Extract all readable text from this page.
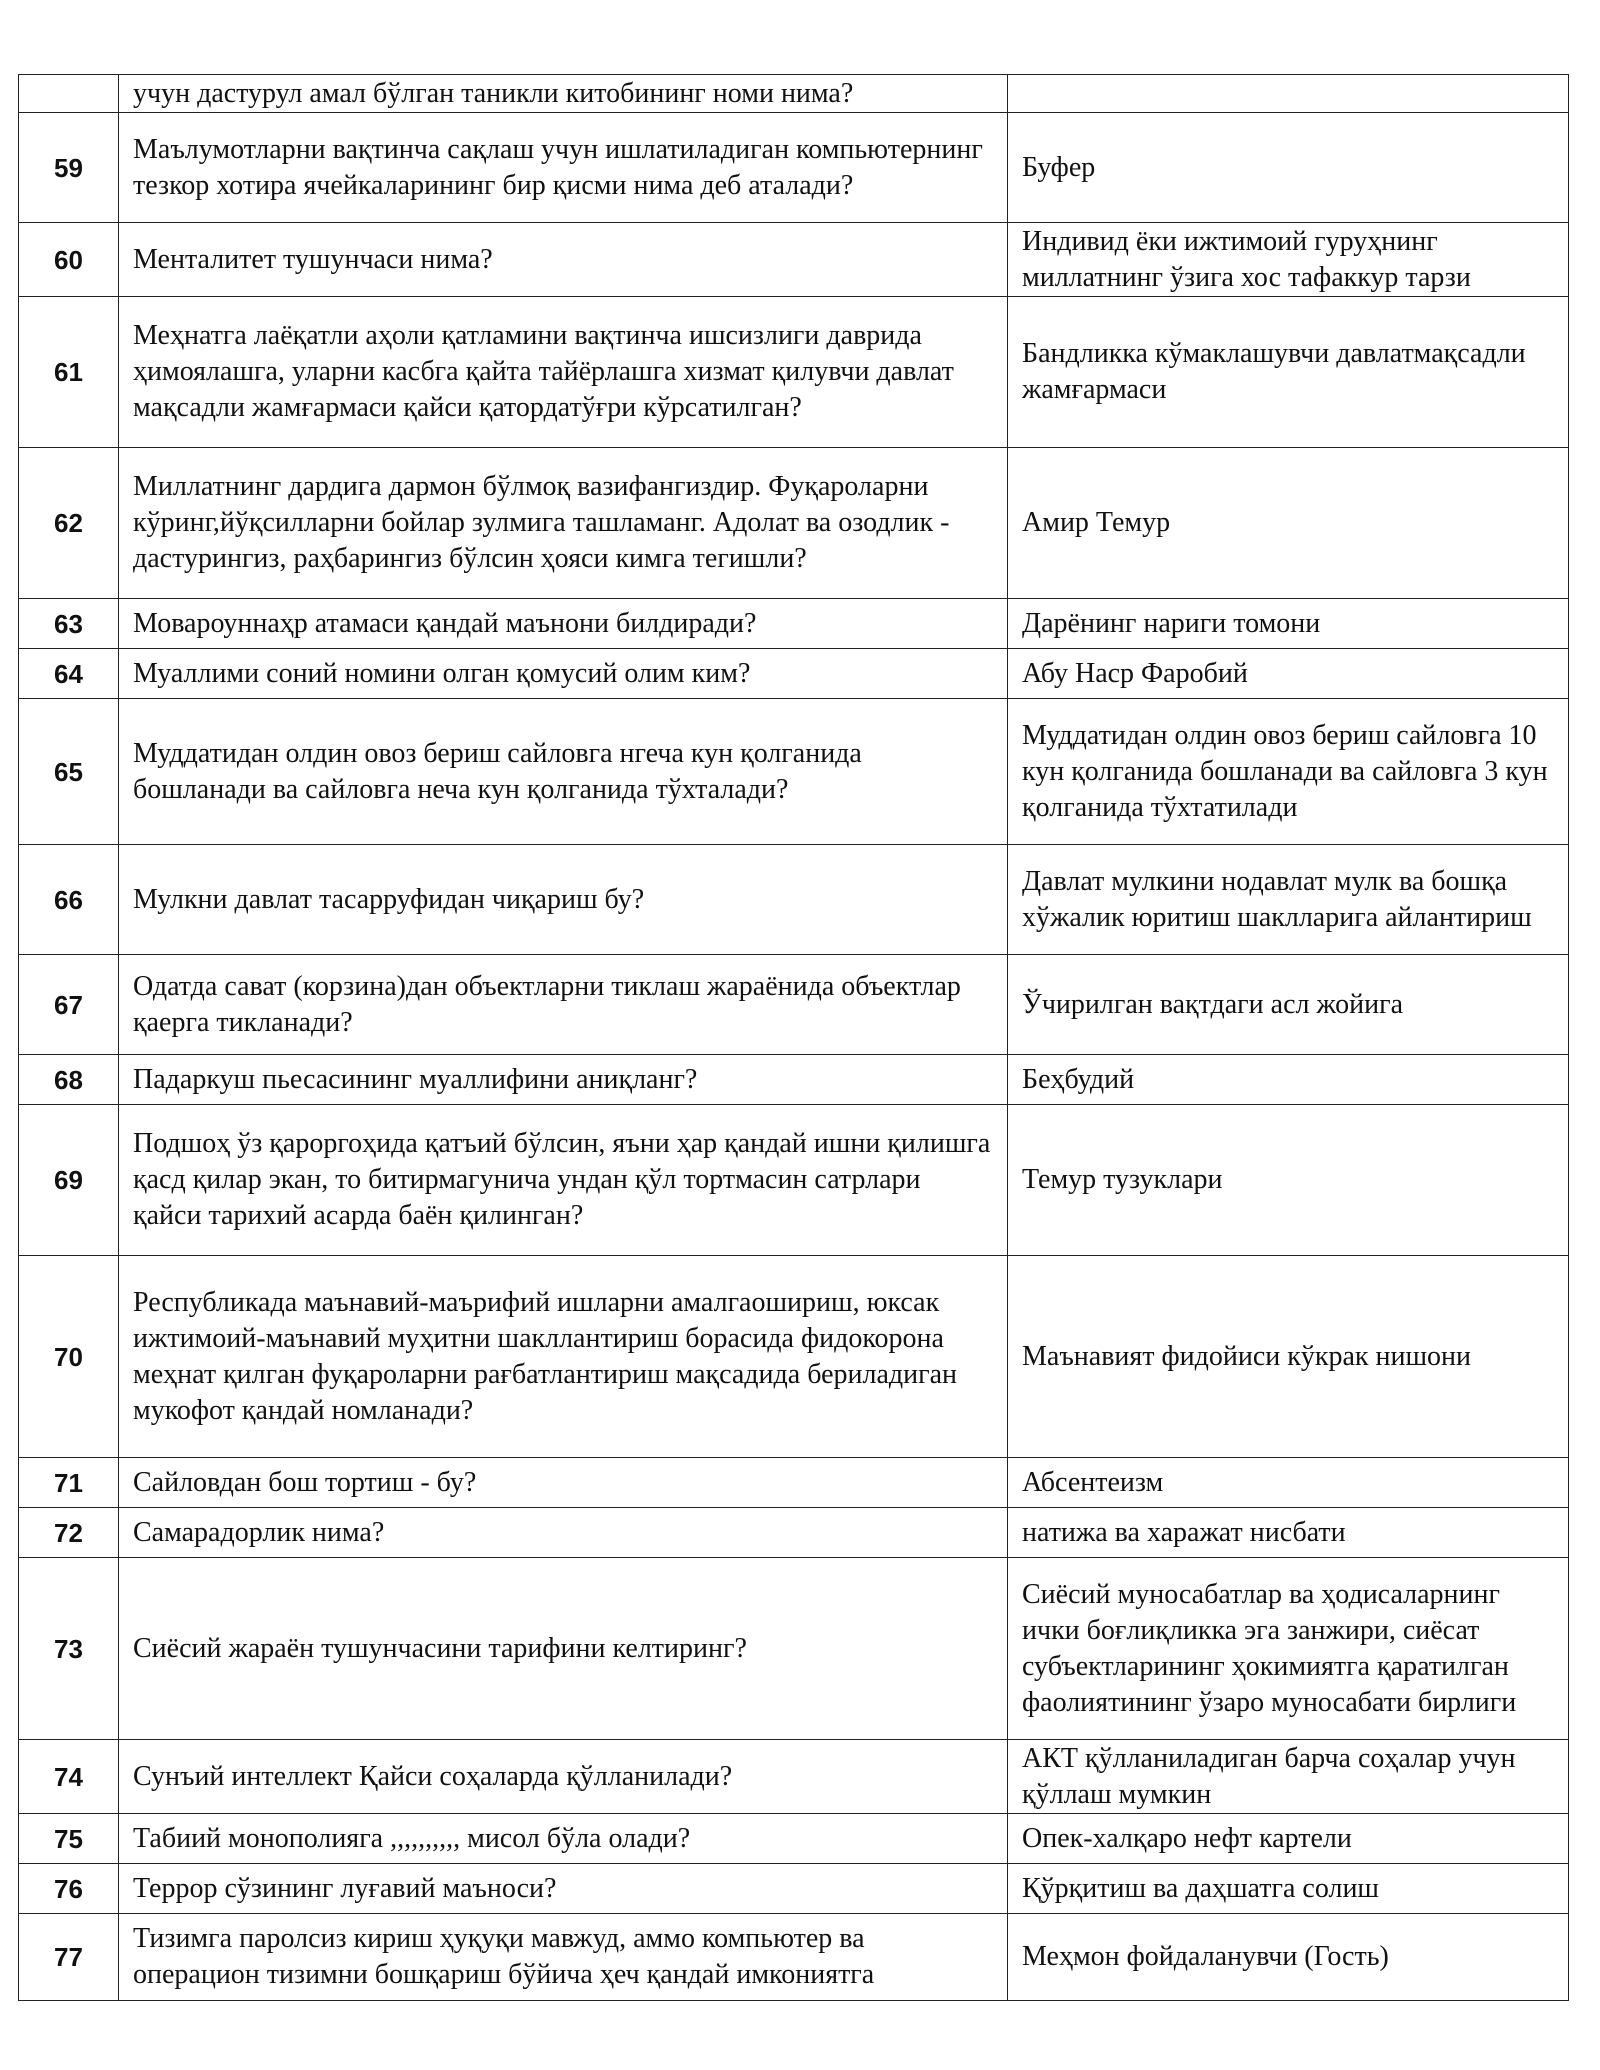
	учун дастурул амал бўлган таникли китобининг номи нима?	
59	Маълумотларни вақтинча сақлаш учун ишлатиладиган компьютернинг тезкор хотира ячейкаларининг бир қисми нима деб аталади?	Буфер
60	Менталитет тушунчаси нима?	Индивид ёки ижтимоий гуруҳнинг миллатнинг ўзига хос тафаккур тарзи
61	Меҳнатга лаёқатли аҳоли қатламини вақтинча ишсизлиги даврида ҳимоялашга, уларни касбга қайта тайёрлашга хизмат қилувчи давлат мақсадли жамғармаси қайси қатордатўғри кўрсатилган?	Бандликка кўмаклашувчи давлатмақсадли жамғармаси
62	Миллатнинг дардига дармон бўлмоқ вазифангиздир. Фуқароларни кўринг,йўқсилларни бойлар зулмига ташламанг. Адолат ва озодлик - дастурингиз, раҳбарингиз бўлсин ҳояси кимга тегишли?	Амир Темур
63	Мовароуннаҳр атамаси қандай маънони билдиради?	Дарёнинг нариги томони
64	Муаллими соний номини олган қомусий олим ким?	Абу Наср Фаробий
65	Муддатидан олдин овоз бериш сайловга нгеча кун қолганида бошланади ва сайловга неча кун қолганида тўхталади?	Муддатидан олдин овоз бериш сайловга 10 кун қолганида бошланади ва сайловга 3 кун қолганида тўхтатилади
66	Мулкни давлат тасарруфидан чиқариш бу?	Давлат мулкини нодавлат мулк ва бошқа хўжалик юритиш шаклларига айлантириш
67	Одатда сават (корзина)дан объектларни тиклаш жараёнида объектлар қаерга тикланади?	Ўчирилган вақтдаги асл жойига
68	Падаркуш пьесасининг муаллифини аниқланг?	Беҳбудий
69	Подшоҳ ўз қароргоҳида қатъий бўлсин, яъни ҳар қандай ишни қилишга қасд қилар экан, то битирмагунича ундан қўл тортмасин сатрлари қайси тарихий асарда баён қилинган?	Темур тузуклари
70	Республикада маънавий-маърифий ишларни амалгаошириш, юксак ижтимоий-маънавий муҳитни шакллантириш борасида фидокорона меҳнат қилган фуқароларни рағбатлантириш мақсадида бериладиган мукофот қандай номланади?	Маънавият фидойиси кўкрак нишони
71	Сайловдан бош тортиш - бу?	Абсентеизм
72	Самарадорлик нима?	натижа ва харажат нисбати
73	Сиёсий жараён тушунчасини тарифини келтиринг?	Сиёсий муносабатлар ва ҳодисаларнинг ички боғлиқликка эга занжири, сиёсат субъектларининг ҳокимиятга қаратилган фаолиятининг ўзаро муносабати бирлиги
74	Сунъий интеллект Қайси соҳаларда қўлланилади?	АКТ қўлланиладиган барча соҳалар учун қўллаш мумкин
75	Табиий монополияга ,,,,,,,,,, мисол бўла олади?	Опек-халқаро нефт картели
76	Террор сўзининг луғавий маъноси?	Қўрқитиш ва даҳшатга солиш
77	Тизимга паролсиз кириш ҳуқуқи мавжуд, аммо компьютер ва операцион тизимни бошқариш бўйича ҳеч қандай имкониятга	Меҳмон фойдаланувчи (Гость)
